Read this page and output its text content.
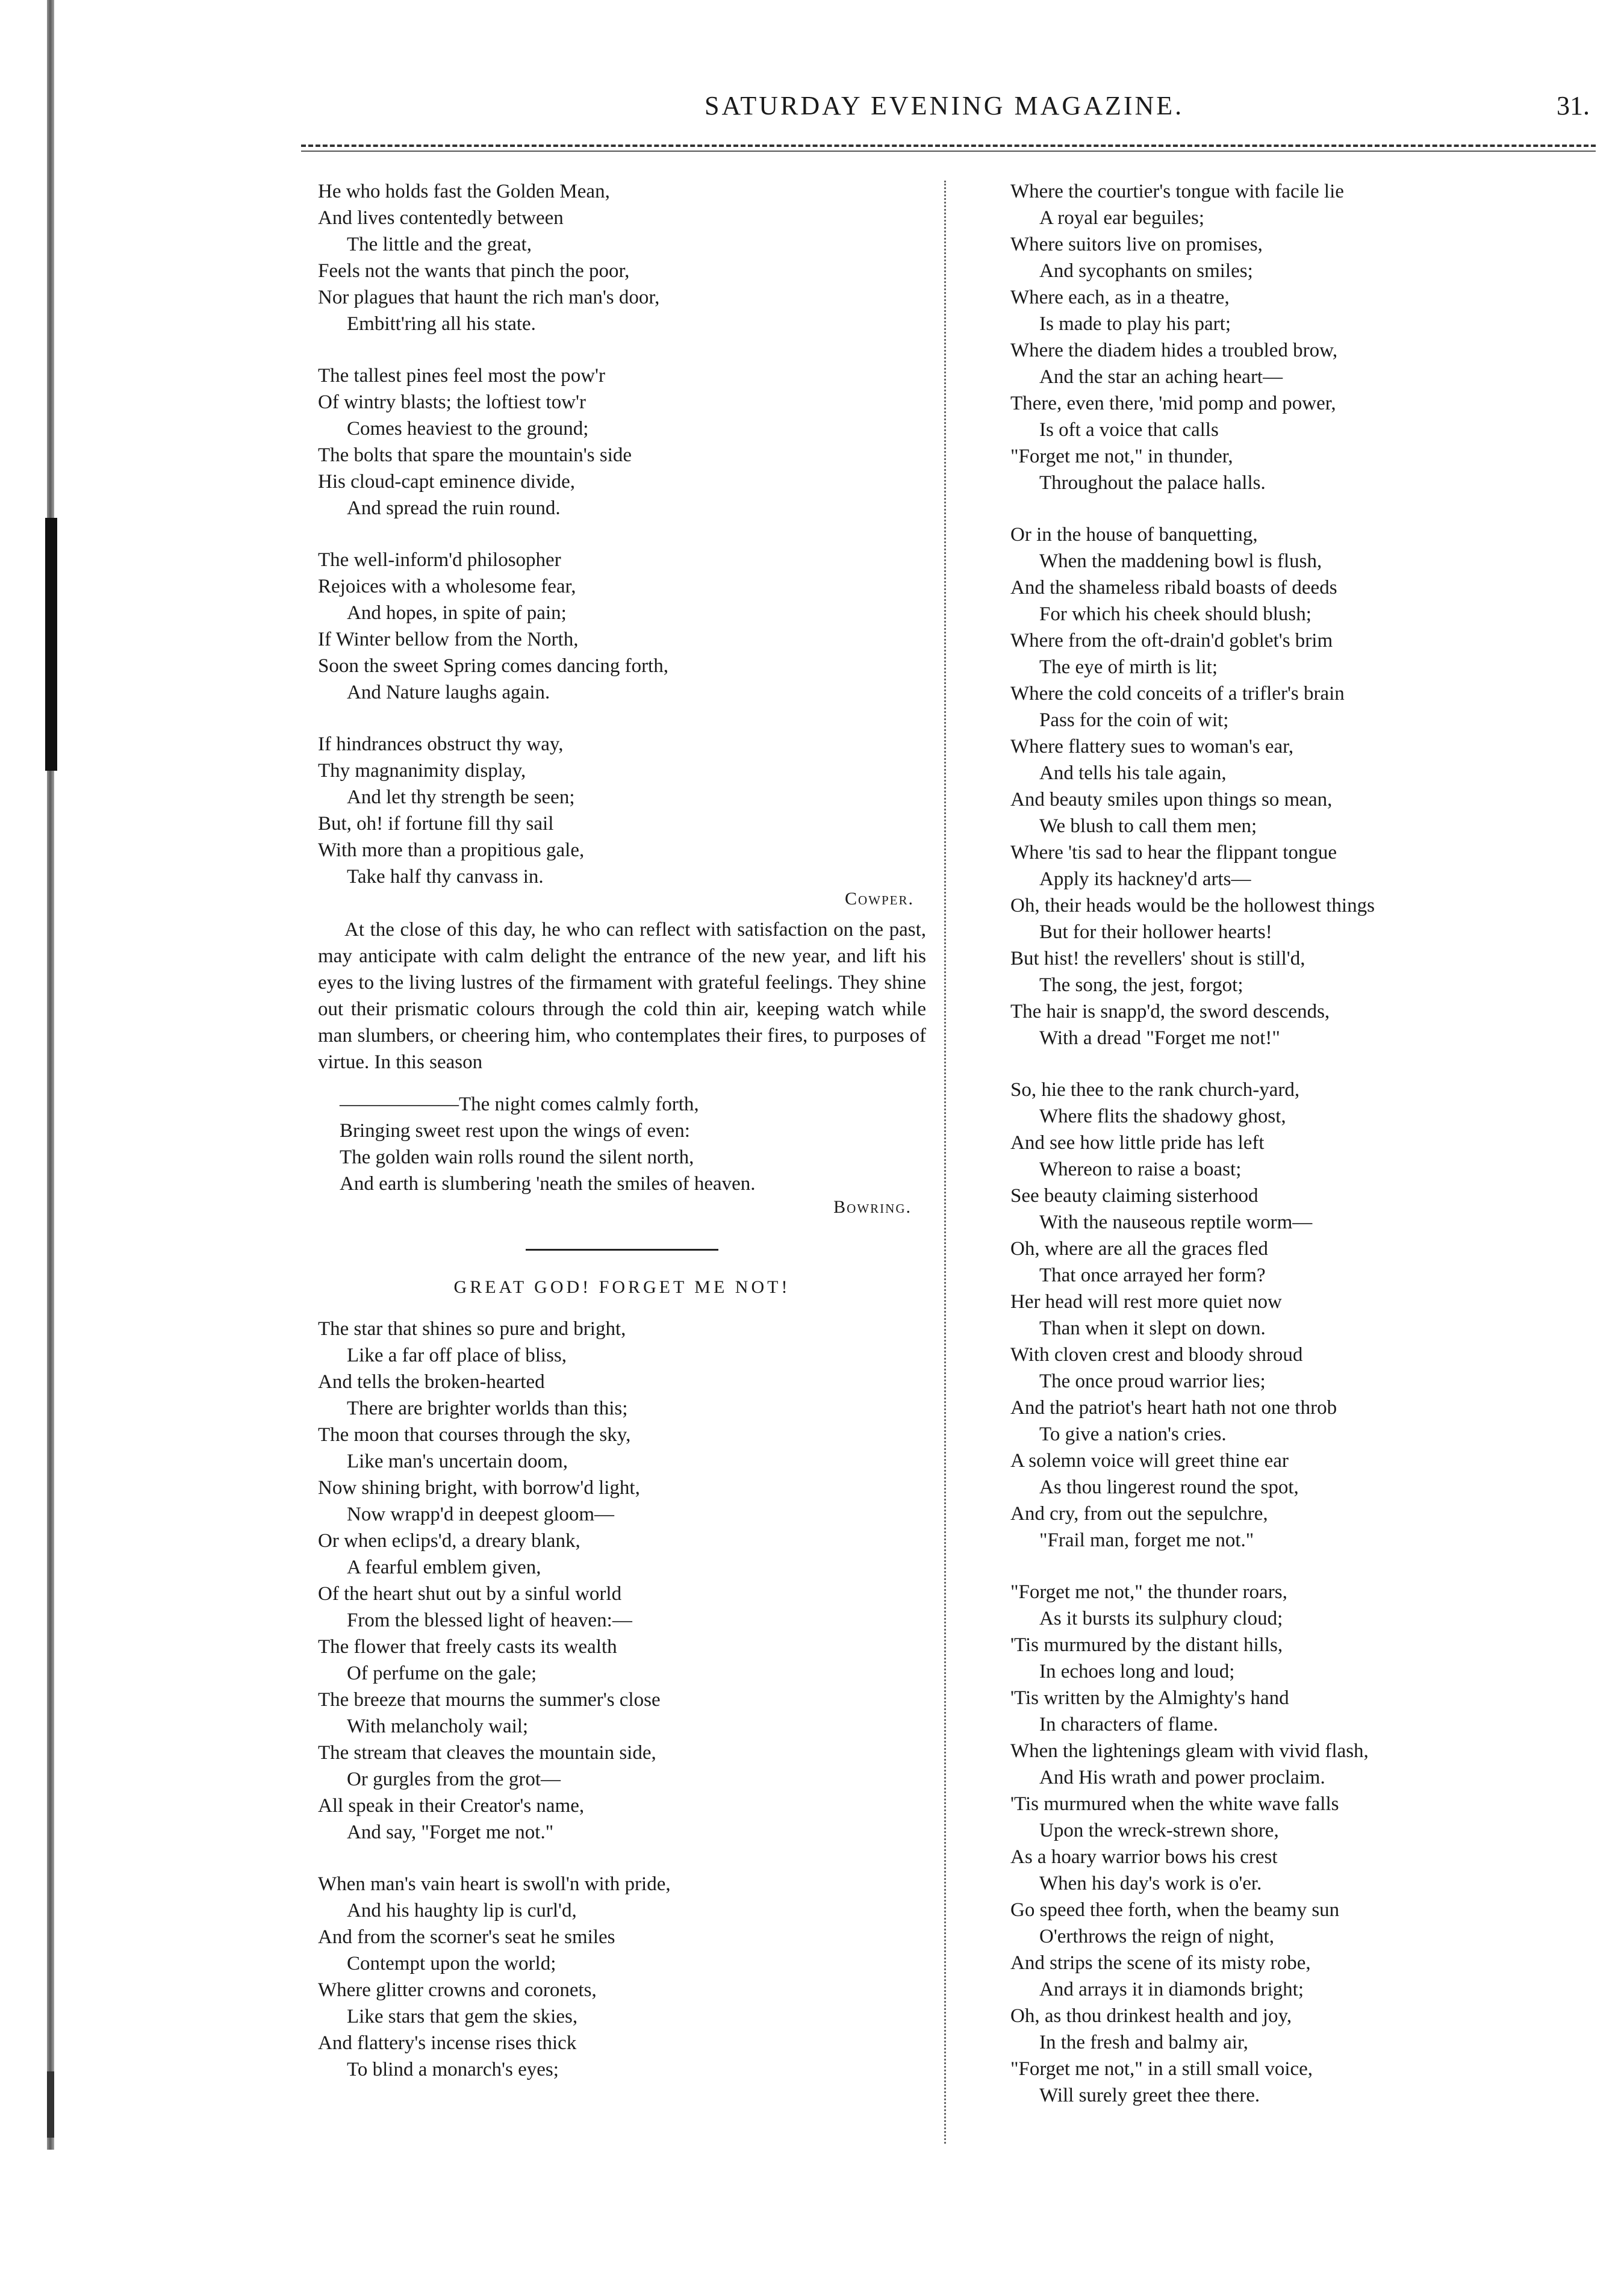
SATURDAY EVENING MAGAZINE.	31.
He who holds fast the Golden Mean,
And lives contentedly between
The little and the great,
Feels not the wants that pinch the poor,
Nor plagues that haunt the rich man's door,
Embitt'ring all his state.
The tallest pines feel most the pow'r
Of wintry blasts; the loftiest tow'r
Comes heaviest to the ground;
The bolts that spare the mountain's side
His cloud-capt eminence divide,
And spread the ruin round.
The well-inform'd philosopher
Rejoices with a wholesome fear,
And hopes, in spite of pain;
If Winter bellow from the North,
Soon the sweet Spring comes dancing forth,
And Nature laughs again.
If hindrances obstruct thy way,
Thy magnanimity display,
And let thy strength be seen;
But, oh! if fortune fill thy sail
With more than a propitious gale,
Take half thy canvass in.
Cowper.

At the close of this day, he who can reflect with satisfaction on the past, may anticipate with calm delight the entrance of the new year, and lift his eyes to the living lustres of the firmament with grateful feelings. They shine out their prismatic colours through the cold thin air, keeping watch while man slumbers, or cheering him, who contemplates their fires, to purposes of virtue. In this season

——————The night comes calmly forth,
Bringing sweet rest upon the wings of even:
The golden wain rolls round the silent north,
And earth is slumbering 'neath the smiles of heaven.
Bowring.
GREAT GOD! FORGET ME NOT!
The star that shines so pure and bright,
Like a far off place of bliss,
And tells the broken-hearted
There are brighter worlds than this;
The moon that courses through the sky,
Like man's uncertain doom,
Now shining bright, with borrow'd light,
Now wrapp'd in deepest gloom—
Or when eclips'd, a dreary blank,
A fearful emblem given,
Of the heart shut out by a sinful world
From the blessed light of heaven:—
The flower that freely casts its wealth
Of perfume on the gale;
The breeze that mourns the summer's close
With melancholy wail;
The stream that cleaves the mountain side,
Or gurgles from the grot—
All speak in their Creator's name,
And say, "Forget me not."
When man's vain heart is swoll'n with pride,
And his haughty lip is curl'd,
And from the scorner's seat he smiles
Contempt upon the world;
Where glitter crowns and coronets,
Like stars that gem the skies,
And flattery's incense rises thick
To blind a monarch's eyes;
Where the courtier's tongue with facile lie
A royal ear beguiles;
Where suitors live on promises,
And sycophants on smiles;
Where each, as in a theatre,
Is made to play his part;
Where the diadem hides a troubled brow,
And the star an aching heart—
There, even there, 'mid pomp and power,
Is oft a voice that calls
"Forget me not," in thunder,
Throughout the palace halls.
Or in the house of banquetting,
When the maddening bowl is flush,
And the shameless ribald boasts of deeds
For which his cheek should blush;
Where from the oft-drain'd goblet's brim
The eye of mirth is lit;
Where the cold conceits of a trifler's brain
Pass for the coin of wit;
Where flattery sues to woman's ear,
And tells his tale again,
And beauty smiles upon things so mean,
We blush to call them men;
Where 'tis sad to hear the flippant tongue
Apply its hackney'd arts—
Oh, their heads would be the hollowest things
But for their hollower hearts!
But hist! the revellers' shout is still'd,
The song, the jest, forgot;
The hair is snapp'd, the sword descends,
With a dread "Forget me not!"
So, hie thee to the rank church-yard,
Where flits the shadowy ghost,
And see how little pride has left
Whereon to raise a boast;
See beauty claiming sisterhood
With the nauseous reptile worm—
Oh, where are all the graces fled
That once arrayed her form?
Her head will rest more quiet now
Than when it slept on down.
With cloven crest and bloody shroud
The once proud warrior lies;
And the patriot's heart hath not one throb
To give a nation's cries.
A solemn voice will greet thine ear
As thou lingerest round the spot,
And cry, from out the sepulchre,
"Frail man, forget me not."
"Forget me not," the thunder roars,
As it bursts its sulphury cloud;
'Tis murmured by the distant hills,
In echoes long and loud;
'Tis written by the Almighty's hand
In characters of flame.
When the lightenings gleam with vivid flash,
And His wrath and power proclaim.
'Tis murmured when the white wave falls
Upon the wreck-strewn shore,
As a hoary warrior bows his crest
When his day's work is o'er.
Go speed thee forth, when the beamy sun
O'erthrows the reign of night,
And strips the scene of its misty robe,
And arrays it in diamonds bright;
Oh, as thou drinkest health and joy,
In the fresh and balmy air,
"Forget me not," in a still small voice,
Will surely greet thee there.
